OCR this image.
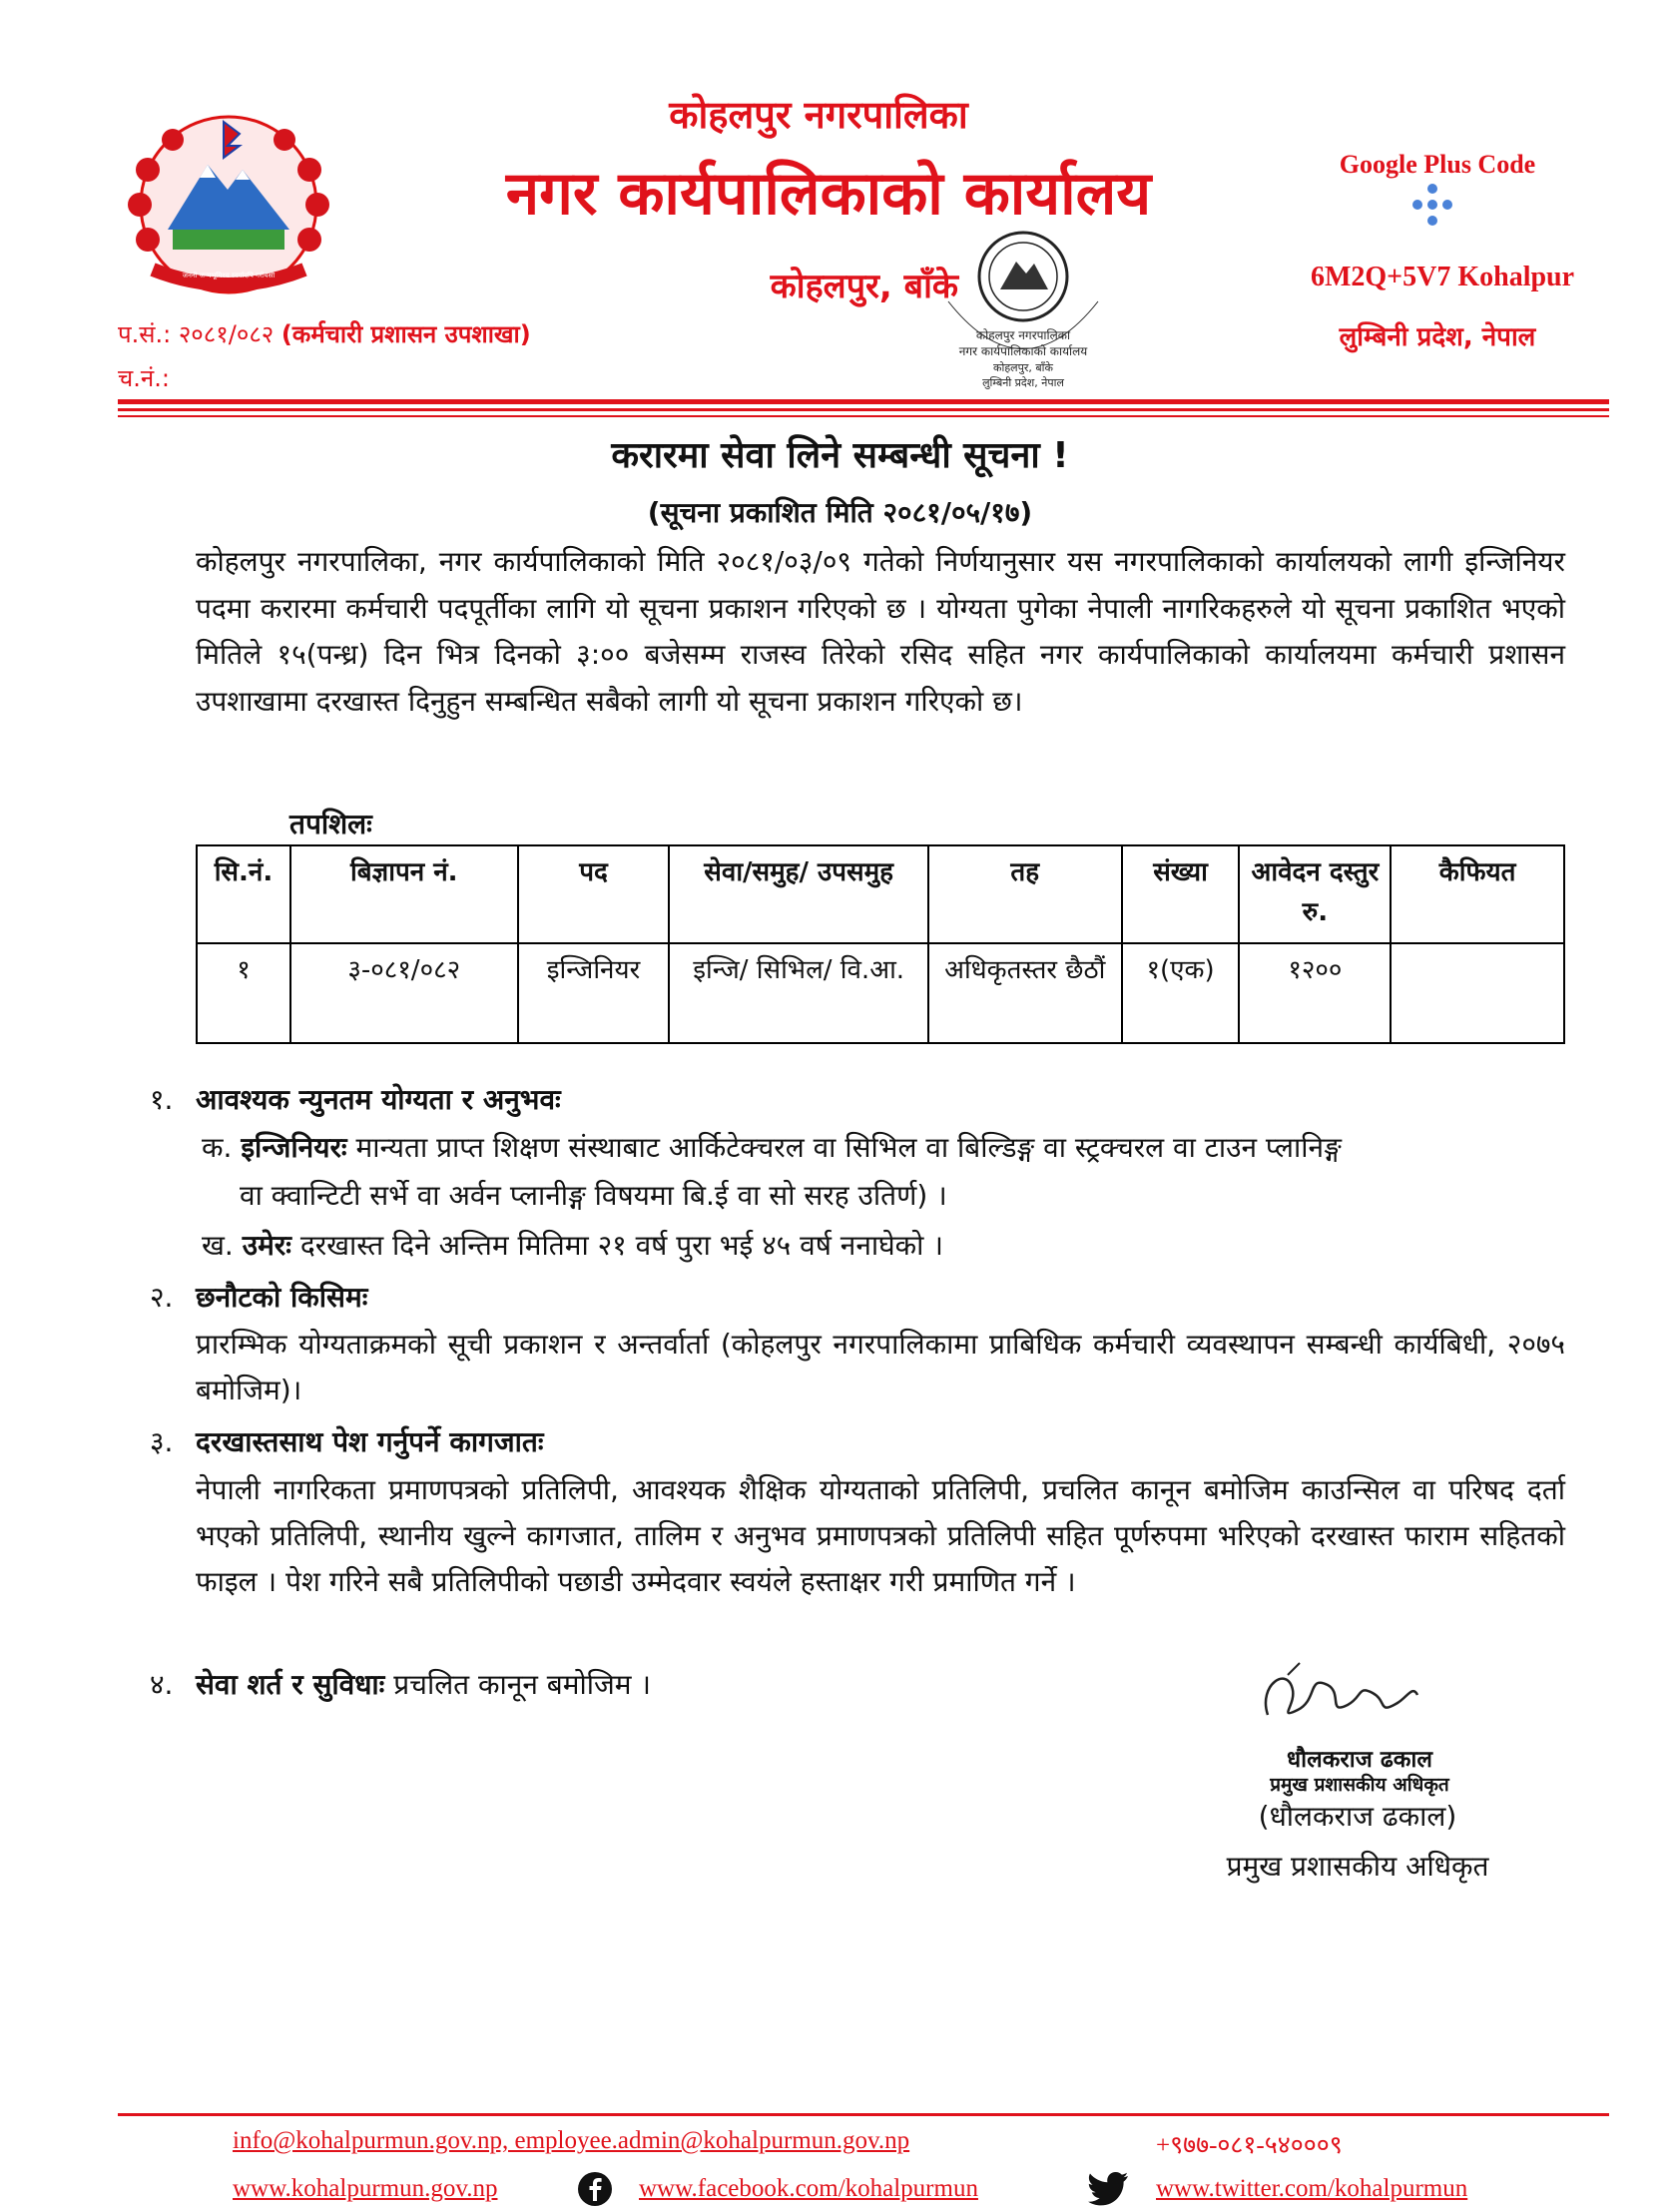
जननी जन्मभूमिश्च स्वर्गादपि गरीयसी
कोहलपुर नगरपालिका
नगर कार्यपालिकाको कार्यालय
कोहलपुर, बाँके
कोहलपुर नगरपालिका
नगर कार्यपालिकाको कार्यालय
कोहलपुर, बाँके
लुम्बिनी प्रदेश, नेपाल
Google Plus Code
6M2Q+5V7 Kohalpur
प.सं.: २०८१/०८२ (कर्मचारी प्रशासन उपशाखा)
च.नं.:
लुम्बिनी प्रदेश, नेपाल
करारमा सेवा लिने सम्बन्धी सूचना !
(सूचना प्रकाशित मिति २०८१/०५/१७)
कोहलपुर नगरपालिका, नगर कार्यपालिकाको मिति २०८१/०३/०९ गतेको निर्णयानुसार यस नगरपालिकाको कार्यालयको लागी इन्जिनियर पदमा करारमा कर्मचारी पदपूर्तीका लागि यो सूचना प्रकाशन गरिएको छ । योग्यता पुगेका नेपाली नागरिकहरुले यो सूचना प्रकाशित भएको मितिले १५(पन्ध्र) दिन भित्र दिनको ३:०० बजेसम्म राजस्व तिरेको रसिद सहित नगर कार्यपालिकाको कार्यालयमा कर्मचारी प्रशासन उपशाखामा दरखास्त दिनुहुन सम्बन्धित सबैको लागी यो सूचना प्रकाशन गरिएको छ।
तपशिलः
सि.नं.	बिज्ञापन नं.	पद	सेवा/समुह/ उपसमुह	तह	संख्या	आवेदन दस्तुर रु.	कैफियत
१	३-०८१/०८२	इन्जिनियर	इन्जि/ सिभिल/ वि.आ.	अधिकृतस्तर छैठौं	१(एक)	१२००	
१. आवश्यक न्युनतम योग्यता र अनुभवः
क. इन्जिनियरः मान्यता प्राप्त शिक्षण संस्थाबाट आर्किटेक्चरल वा सिभिल वा बिल्डिङ्ग वा स्ट्रक्चरल वा टाउन प्लानिङ्ग
वा क्वान्टिटी सर्भे वा अर्वन प्लानीङ्ग विषयमा बि.ई वा सो सरह उतिर्ण) ।
ख. उमेरः दरखास्त दिने अन्तिम मितिमा २१ वर्ष पुरा भई ४५ वर्ष ननाघेको ।
२. छनौटको किसिमः
प्रारम्भिक योग्यताक्रमको सूची प्रकाशन र अन्तर्वार्ता (कोहलपुर नगरपालिकामा प्राबिधिक कर्मचारी व्यवस्थापन सम्बन्धी कार्यबिधी, २०७५ बमोजिम)।
३. दरखास्तसाथ पेश गर्नुपर्ने कागजातः
नेपाली नागरिकता प्रमाणपत्रको प्रतिलिपी, आवश्यक शैक्षिक योग्यताको प्रतिलिपी, प्रचलित कानून बमोजिम काउन्सिल वा परिषद दर्ता भएको प्रतिलिपी, स्थानीय खुल्ने कागजात, तालिम र अनुभव प्रमाणपत्रको प्रतिलिपी सहित पूर्णरुपमा भरिएको दरखास्त फाराम सहितको फाइल । पेश गरिने सबै प्रतिलिपीको पछाडी उम्मेदवार स्वयंले हस्ताक्षर गरी प्रमाणित गर्ने ।
४. सेवा शर्त र सुविधाः प्रचलित कानून बमोजिम ।
धौलकराज ढकाल
प्रमुख प्रशासकीय अधिकृत
(धौलकराज ढकाल)
प्रमुख प्रशासकीय अधिकृत
info@kohalpurmun.gov.np, employee.admin@kohalpurmun.gov.np	+९७७-०८१-५४०००९
www.kohalpurmun.gov.np	www.facebook.com/kohalpurmun	www.twitter.com/kohalpurmun
